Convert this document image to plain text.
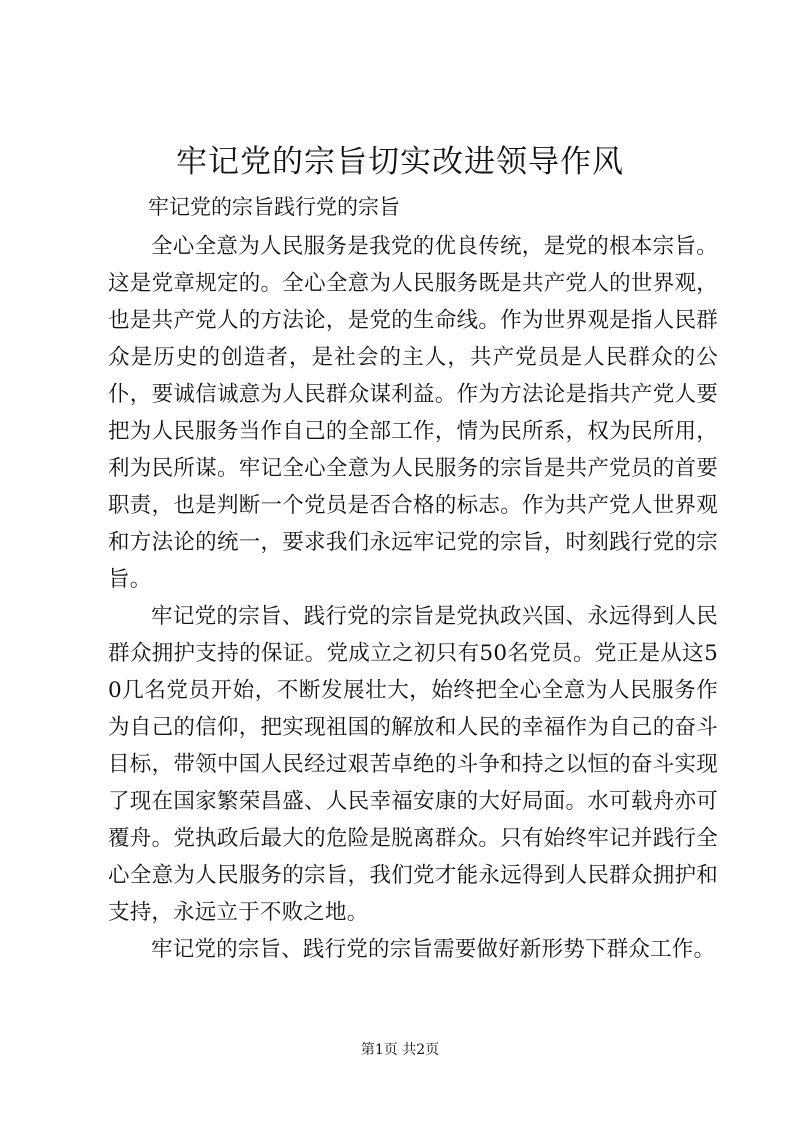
牢记党的宗旨切实改进领导作风
牢记党的宗旨践行党的宗旨

全心全意为人民服务是我党的优良传统，是党的根本宗旨。这是党章规定的。全心全意为人民服务既是共产党人的世界观，也是共产党人的方法论，是党的生命线。作为世界观是指人民群众是历史的创造者，是社会的主人，共产党员是人民群众的公仆，要诚信诚意为人民群众谋利益。作为方法论是指共产党人要把为人民服务当作自己的全部工作，情为民所系，权为民所用，利为民所谋。牢记全心全意为人民服务的宗旨是共产党员的首要职责，也是判断一个党员是否合格的标志。作为共产党人世界观和方法论的统一，要求我们永远牢记党的宗旨，时刻践行党的宗旨。

牢记党的宗旨、践行党的宗旨是党执政兴国、永远得到人民群众拥护支持的保证。党成立之初只有50名党员。党正是从这50几名党员开始，不断发展壮大，始终把全心全意为人民服务作为自己的信仰，把实现祖国的解放和人民的幸福作为自己的奋斗目标，带领中国人民经过艰苦卓绝的斗争和持之以恒的奋斗实现了现在国家繁荣昌盛、人民幸福安康的大好局面。水可载舟亦可覆舟。党执政后最大的危险是脱离群众。只有始终牢记并践行全心全意为人民服务的宗旨，我们党才能永远得到人民群众拥护和支持，永远立于不败之地。

牢记党的宗旨、践行党的宗旨需要做好新形势下群众工作。

第1页 共2页
